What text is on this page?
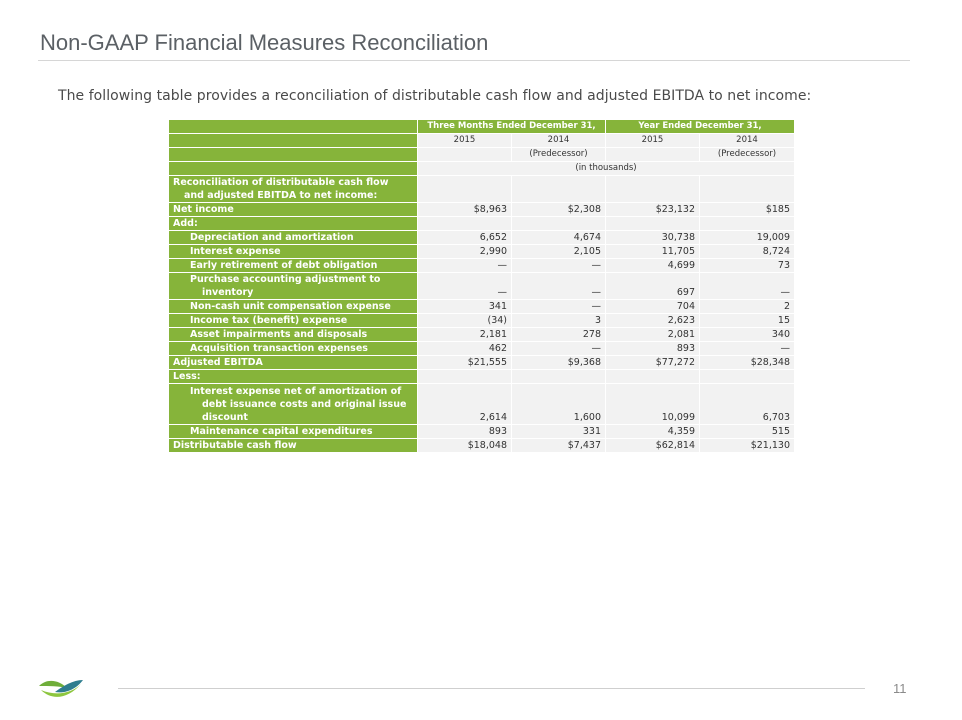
Non-GAAP Financial Measures Reconciliation
The following table provides a reconciliation of distributable cash flow and adjusted EBITDA to net income:
	Three Months Ended December 31,		Year Ended December 31,	
	2015	2014	2015	2014
		(Predecessor)		(Predecessor)
	(in thousands)			

Reconciliation of distributable cash flow
and adjusted EBITDA to net income:				

Net income	$8,963	$2,308	$23,132	$185
Add:				
Depreciation and amortization	6,652	4,674	30,738	19,009
Interest expense	2,990	2,105	11,705	8,724
Early retirement of debt obligation	—	—	4,699	73

Purchase accounting adjustment to
inventory	—	—	697	—
Non-cash unit compensation expense	341	—	704	2
Income tax (benefit) expense	(34)	3	2,623	15
Asset impairments and disposals	2,181	278	2,081	340
Acquisition transaction expenses	462	—	893	—
Adjusted EBITDA	$21,555	$9,368	$77,272	$28,348
Less:				

Interest expense net of amortization of
debt issuance costs and original issue
discount	2,614	1,600	10,099	6,703
Maintenance capital expenditures	893	331	4,359	515
Distributable cash flow	$18,048	$7,437	$62,814	$21,130
11
